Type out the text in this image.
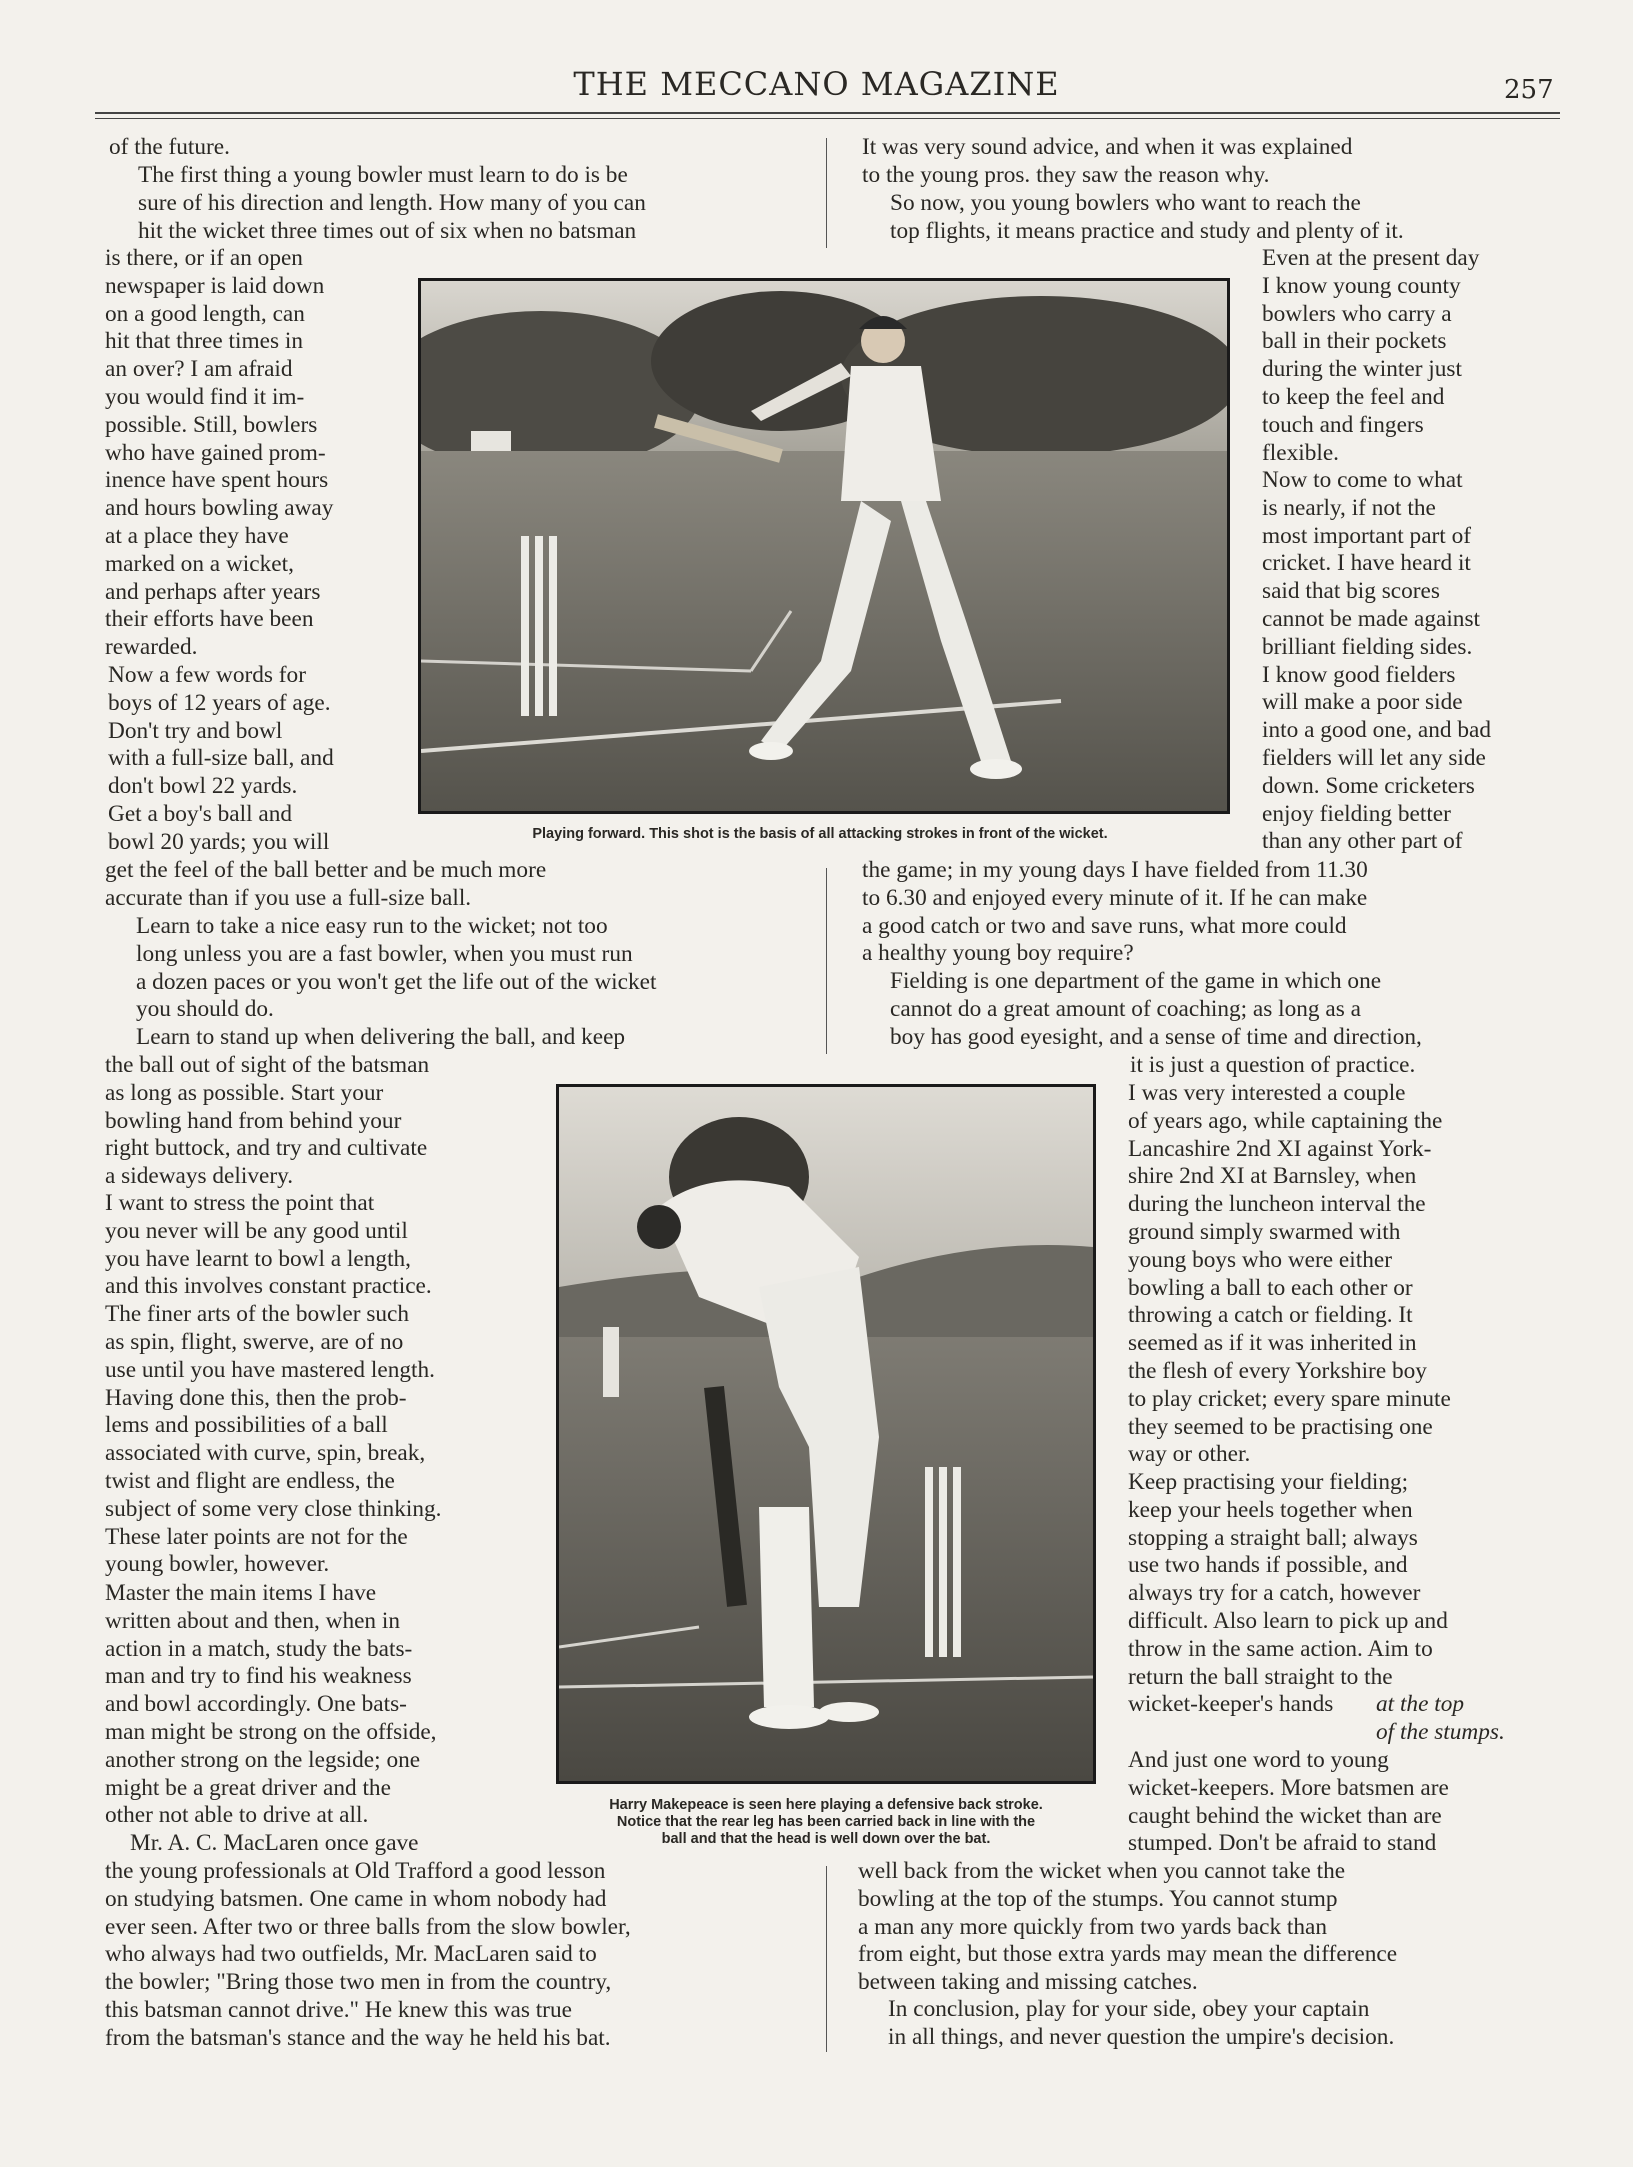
THE MECCANO MAGAZINE	257

of the future.

The first thing a young bowler must learn to do is be
sure of his direction and length. How many of you can
hit the wicket three times out of six when no batsman

is there, or if an open
newspaper is laid down
on a good length, can
hit that three times in
an over? I am afraid
you would find it im-
possible. Still, bowlers
who have gained prom-
inence have spent hours
and hours bowling away
at a place they have
marked on a wicket,
and perhaps after years
their efforts have been
rewarded.

Now a few words for
boys of 12 years of age.
Don't try and bowl
with a full-size ball, and
don't bowl 22 yards.
Get a boy's ball and
bowl 20 yards; you will

get the feel of the ball better and be much more
accurate than if you use a full-size ball.

Learn to take a nice easy run to the wicket; not too
long unless you are a fast bowler, when you must run
a dozen paces or you won't get the life out of the wicket
you should do.

Learn to stand up when delivering the ball, and keep

the ball out of sight of the batsman
as long as possible. Start your
bowling hand from behind your
right buttock, and try and cultivate
a sideways delivery.

I want to stress the point that
you never will be any good until
you have learnt to bowl a length,
and this involves constant practice.
The finer arts of the bowler such
as spin, flight, swerve, are of no
use until you have mastered length.
Having done this, then the prob-
lems and possibilities of a ball
associated with curve, spin, break,
twist and flight are endless, the
subject of some very close thinking.
These later points are not for the
young bowler, however.

Master the main items I have
written about and then, when in
action in a match, study the bats-
man and try to find his weakness
and bowl accordingly. One bats-
man might be strong on the offside,
another strong on the legside; one
might be a great driver and the
other not able to drive at all.

Mr. A. C. MacLaren once gave

the young professionals at Old Trafford a good lesson
on studying batsmen. One came in whom nobody had
ever seen. After two or three balls from the slow bowler,
who always had two outfields, Mr. MacLaren said to
the bowler; "Bring those two men in from the country,
this batsman cannot drive." He knew this was true
from the batsman's stance and the way he held his bat.

It was very sound advice, and when it was explained
to the young pros. they saw the reason why.

So now, you young bowlers who want to reach the
top flights, it means practice and study and plenty of it.

Even at the present day
I know young county
bowlers who carry a
ball in their pockets
during the winter just
to keep the feel and
touch and fingers
flexible.

Now to come to what
is nearly, if not the
most important part of
cricket. I have heard it
said that big scores
cannot be made against
brilliant fielding sides.
I know good fielders
will make a poor side
into a good one, and bad
fielders will let any side
down. Some cricketers
enjoy fielding better
than any other part of

the game; in my young days I have fielded from 11.30
to 6.30 and enjoyed every minute of it. If he can make
a good catch or two and save runs, what more could
a healthy young boy require?

Fielding is one department of the game in which one
cannot do a great amount of coaching; as long as a
boy has good eyesight, and a sense of time and direction,

it is just a question of practice.

I was very interested a couple
of years ago, while captaining the
Lancashire 2nd XI against York-
shire 2nd XI at Barnsley, when
during the luncheon interval the
ground simply swarmed with
young boys who were either
bowling a ball to each other or
throwing a catch or fielding. It
seemed as if it was inherited in
the flesh of every Yorkshire boy
to play cricket; every spare minute
they seemed to be practising one
way or other.

Keep practising your fielding;
keep your heels together when
stopping a straight ball; always
use two hands if possible, and
always try for a catch, however
difficult. Also learn to pick up and
throw in the same action. Aim to
return the ball straight to the
wicket-keeper's hands	at the top
of the stumps.

And just one word to young
wicket-keepers. More batsmen are
caught behind the wicket than are
stumped. Don't be afraid to stand

well back from the wicket when you cannot take the
bowling at the top of the stumps. You cannot stump
a man any more quickly from two yards back than
from eight, but those extra yards may mean the difference
between taking and missing catches.

In conclusion, play for your side, obey your captain
in all things, and never question the umpire's decision.

Playing forward. This shot is the basis of all attacking strokes in front of the wicket.

Harry Makepeace is seen here playing a defensive back stroke.
Notice that the rear leg has been carried back in line with the
ball and that the head is well down over the bat.
